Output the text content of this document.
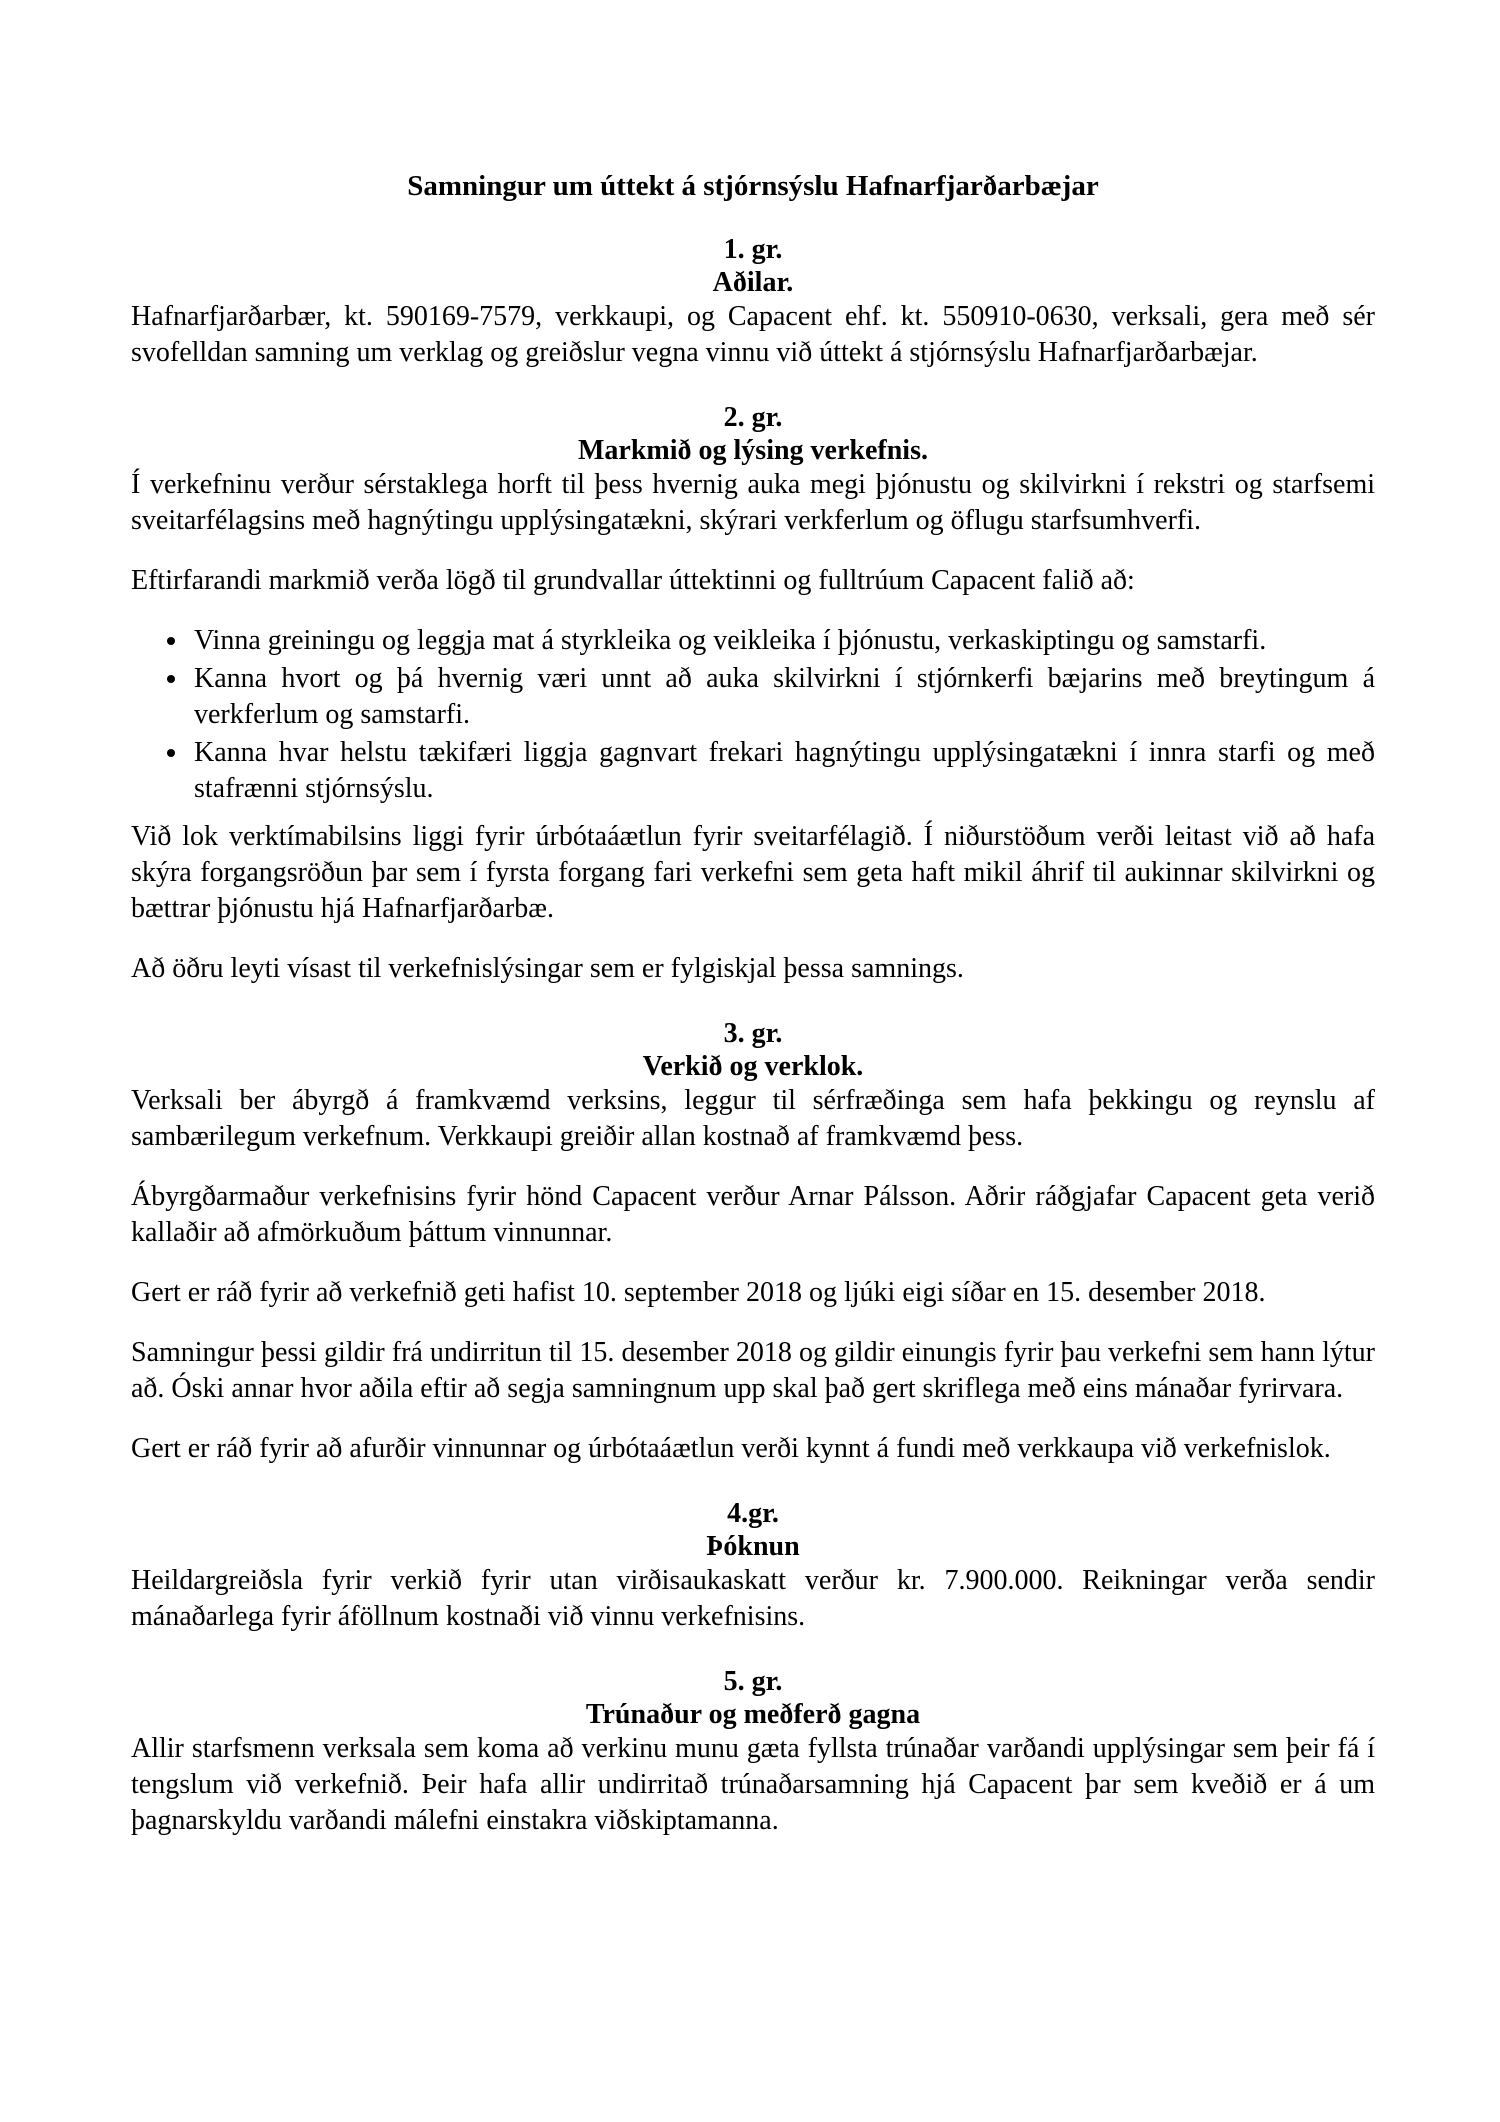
Samningur um úttekt á stjórnsýslu Hafnarfjarðarbæjar
1. gr.
Aðilar.

Hafnarfjarðarbær, kt. 590169-7579, verkkaupi, og Capacent ehf. kt. 550910-0630, verksali, gera með sér svofelldan samning um verklag og greiðslur vegna vinnu við úttekt á stjórnsýslu Hafnarfjarðarbæjar.

2. gr.
Markmið og lýsing verkefnis.

Í verkefninu verður sérstaklega horft til þess hvernig auka megi þjónustu og skilvirkni í rekstri og starfsemi sveitarfélagsins með hagnýtingu upplýsingatækni, skýrari verkferlum og öflugu starfsumhverfi.

Eftirfarandi markmið verða lögð til grundvallar úttektinni og fulltrúum Capacent falið að:

• Vinna greiningu og leggja mat á styrkleika og veikleika í þjónustu, verkaskiptingu og samstarfi.
• Kanna hvort og þá hvernig væri unnt að auka skilvirkni í stjórnkerfi bæjarins með breytingum á verkferlum og samstarfi.
• Kanna hvar helstu tækifæri liggja gagnvart frekari hagnýtingu upplýsingatækni í innra starfi og með stafrænni stjórnsýslu.

Við lok verktímabilsins liggi fyrir úrbótaáætlun fyrir sveitarfélagið. Í niðurstöðum verði leitast við að hafa skýra forgangsröðun þar sem í fyrsta forgang fari verkefni sem geta haft mikil áhrif til aukinnar skilvirkni og bættrar þjónustu hjá Hafnarfjarðarbæ.

Að öðru leyti vísast til verkefnislýsingar sem er fylgiskjal þessa samnings.

3. gr.
Verkið og verklok.

Verksali ber ábyrgð á framkvæmd verksins, leggur til sérfræðinga sem hafa þekkingu og reynslu af sambærilegum verkefnum. Verkkaupi greiðir allan kostnað af framkvæmd þess.

Ábyrgðarmaður verkefnisins fyrir hönd Capacent verður Arnar Pálsson. Aðrir ráðgjafar Capacent geta verið kallaðir að afmörkuðum þáttum vinnunnar.

Gert er ráð fyrir að verkefnið geti hafist 10. september 2018 og ljúki eigi síðar en 15. desember 2018.

Samningur þessi gildir frá undirritun til 15. desember 2018 og gildir einungis fyrir þau verkefni sem hann lýtur að. Óski annar hvor aðila eftir að segja samningnum upp skal það gert skriflega með eins mánaðar fyrirvara.

Gert er ráð fyrir að afurðir vinnunnar og úrbótaáætlun verði kynnt á fundi með verkkaupa við verkefnislok.

4.gr.
Þóknun

Heildargreiðsla fyrir verkið fyrir utan virðisaukaskatt verður kr. 7.900.000. Reikningar verða sendir mánaðarlega fyrir áföllnum kostnaði við vinnu verkefnisins.

5. gr.
Trúnaður og meðferð gagna

Allir starfsmenn verksala sem koma að verkinu munu gæta fyllsta trúnaðar varðandi upplýsingar sem þeir fá í tengslum við verkefnið. Þeir hafa allir undirritað trúnaðarsamning hjá Capacent þar sem kveðið er á um þagnarskyldu varðandi málefni einstakra viðskiptamanna.
